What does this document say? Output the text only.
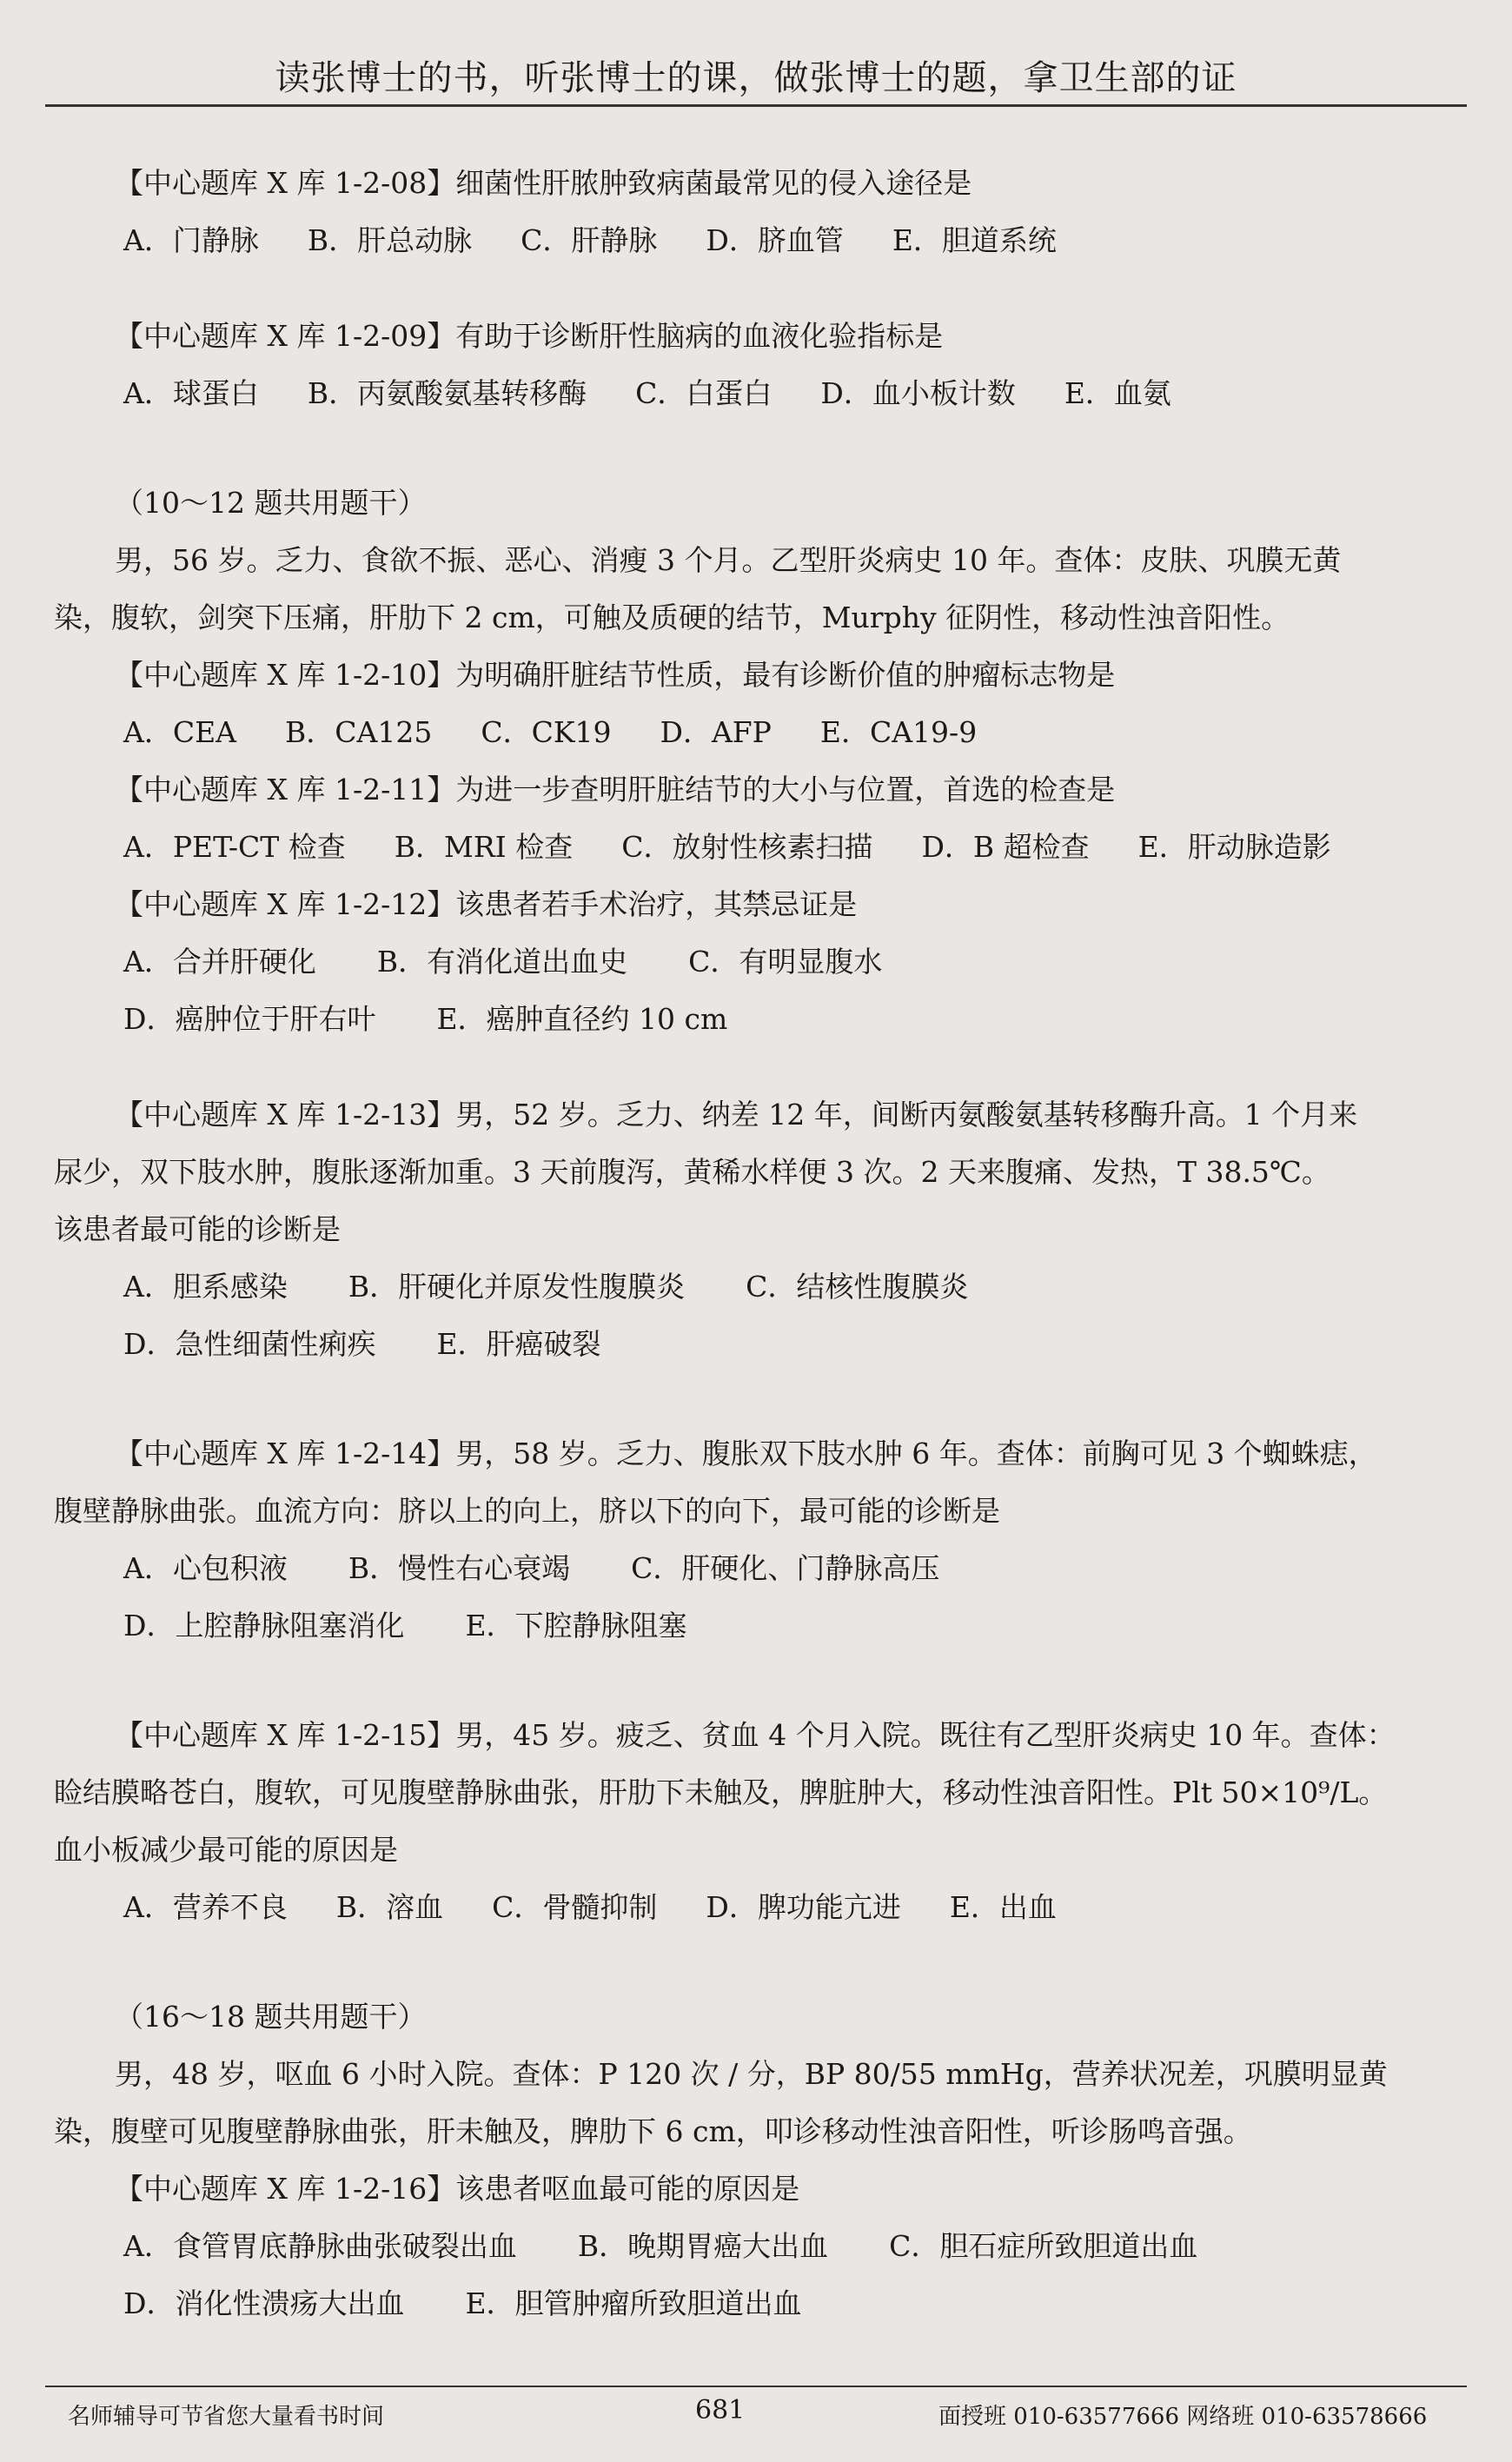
读张博士的书，听张博士的课，做张博士的题，拿卫生部的证
【中心题库 X 库 1-2-08】细菌性肝脓肿致病菌最常见的侵入途径是
A．门静脉 B．肝总动脉 C．肝静脉 D．脐血管 E．胆道系统
【中心题库 X 库 1-2-09】有助于诊断肝性脑病的血液化验指标是
A．球蛋白 B．丙氨酸氨基转移酶 C．白蛋白 D．血小板计数 E．血氨
（10～12 题共用题干）
男，56 岁。乏力、食欲不振、恶心、消瘦 3 个月。乙型肝炎病史 10 年。查体：皮肤、巩膜无黄
染，腹软，剑突下压痛，肝肋下 2 cm，可触及质硬的结节，Murphy 征阴性，移动性浊音阳性。
【中心题库 X 库 1-2-10】为明确肝脏结节性质，最有诊断价值的肿瘤标志物是
A．CEA B．CA125 C．CK19 D．AFP E．CA19-9
【中心题库 X 库 1-2-11】为进一步查明肝脏结节的大小与位置，首选的检查是
A．PET-CT 检查 B．MRI 检查 C．放射性核素扫描 D．B 超检查 E．肝动脉造影
【中心题库 X 库 1-2-12】该患者若手术治疗，其禁忌证是
A．合并肝硬化 B．有消化道出血史 C．有明显腹水
D．癌肿位于肝右叶 E．癌肿直径约 10 cm
【中心题库 X 库 1-2-13】男，52 岁。乏力、纳差 12 年，间断丙氨酸氨基转移酶升高。1 个月来
尿少，双下肢水肿，腹胀逐渐加重。3 天前腹泻，黄稀水样便 3 次。2 天来腹痛、发热，T 38.5℃。
该患者最可能的诊断是
A．胆系感染 B．肝硬化并原发性腹膜炎 C．结核性腹膜炎
D．急性细菌性痢疾 E．肝癌破裂
【中心题库 X 库 1-2-14】男，58 岁。乏力、腹胀双下肢水肿 6 年。查体：前胸可见 3 个蜘蛛痣，
腹壁静脉曲张。血流方向：脐以上的向上，脐以下的向下，最可能的诊断是
A．心包积液 B．慢性右心衰竭 C．肝硬化、门静脉高压
D．上腔静脉阻塞消化 E．下腔静脉阻塞
【中心题库 X 库 1-2-15】男，45 岁。疲乏、贫血 4 个月入院。既往有乙型肝炎病史 10 年。查体：
睑结膜略苍白，腹软，可见腹壁静脉曲张，肝肋下未触及，脾脏肿大，移动性浊音阳性。Plt 50×10⁹/L。
血小板减少最可能的原因是
A．营养不良 B．溶血 C．骨髓抑制 D．脾功能亢进 E．出血
（16～18 题共用题干）
男，48 岁，呕血 6 小时入院。查体：P 120 次 / 分，BP 80/55 mmHg，营养状况差，巩膜明显黄
染，腹壁可见腹壁静脉曲张，肝未触及，脾肋下 6 cm，叩诊移动性浊音阳性，听诊肠鸣音强。
【中心题库 X 库 1-2-16】该患者呕血最可能的原因是
A．食管胃底静脉曲张破裂出血 B．晚期胃癌大出血 C．胆石症所致胆道出血
D．消化性溃疡大出血 E．胆管肿瘤所致胆道出血
名师辅导可节省您大量看书时间	681	面授班 010-63577666 网络班 010-63578666
